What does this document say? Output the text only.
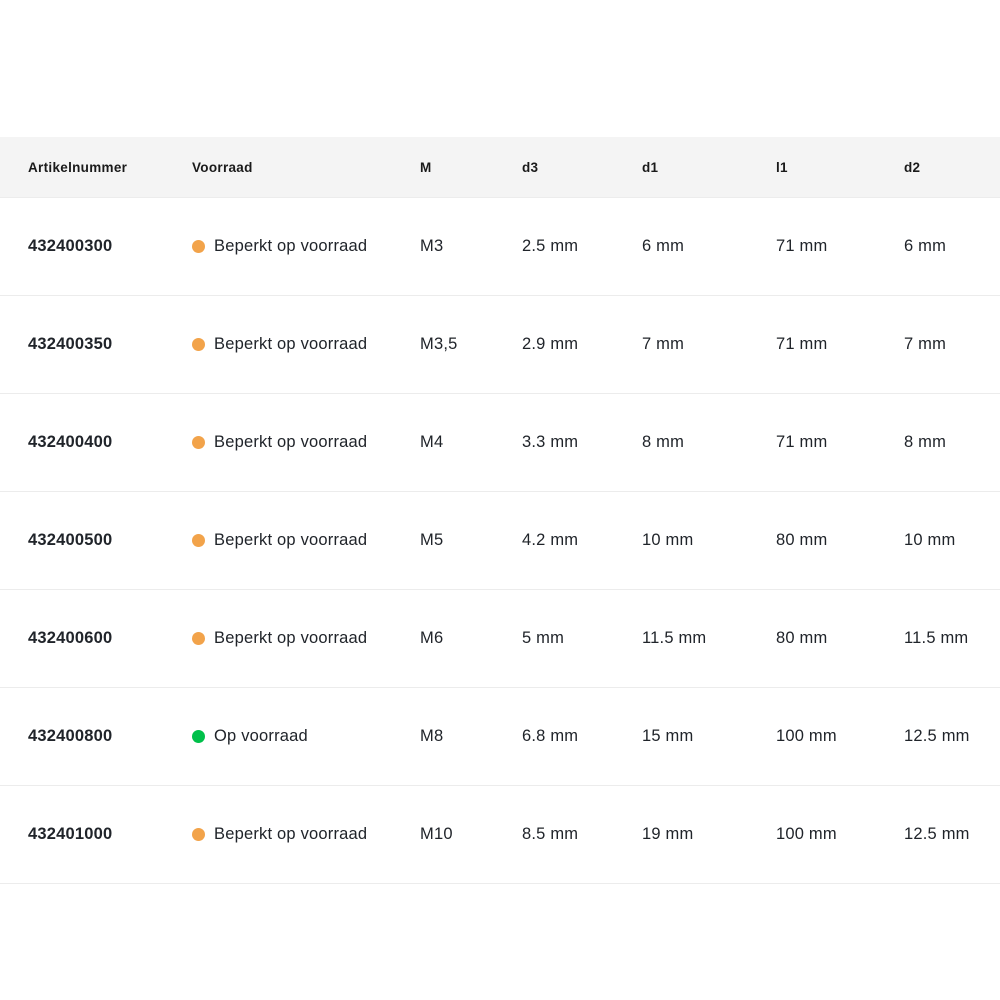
Artikelnummer	Voorraad	M	d3	d1	l1	d2
432400300	Beperkt op voorraad	M3	2.5 mm	6 mm	71 mm	6 mm
432400350	Beperkt op voorraad	M3,5	2.9 mm	7 mm	71 mm	7 mm
432400400	Beperkt op voorraad	M4	3.3 mm	8 mm	71 mm	8 mm
432400500	Beperkt op voorraad	M5	4.2 mm	10 mm	80 mm	10 mm
432400600	Beperkt op voorraad	M6	5 mm	11.5 mm	80 mm	11.5 mm
432400800	Op voorraad	M8	6.8 mm	15 mm	100 mm	12.5 mm
432401000	Beperkt op voorraad	M10	8.5 mm	19 mm	100 mm	12.5 mm
